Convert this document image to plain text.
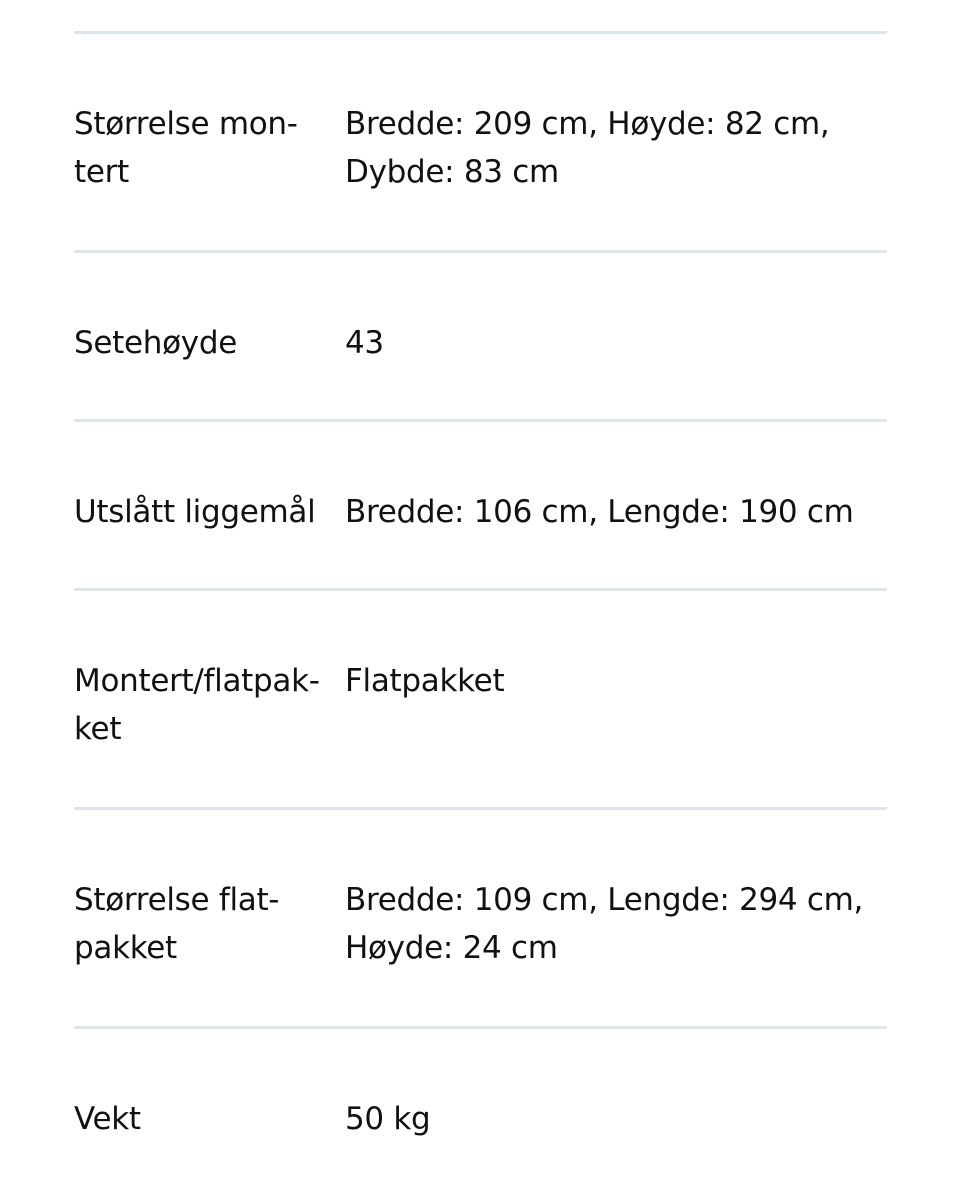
Størrelse mon-
tert
Bredde: 209 cm, Høyde: 82 cm,
Dybde: 83 cm
Setehøyde	43
Utslått liggemål Bredde: 106 cm, Lengde: 190 cm
Montert/flatpak-
ket
Flatpakket
Størrelse flat-
pakket
Bredde: 109 cm, Lengde: 294 cm,
Høyde: 24 cm
Vekt	50 kg
